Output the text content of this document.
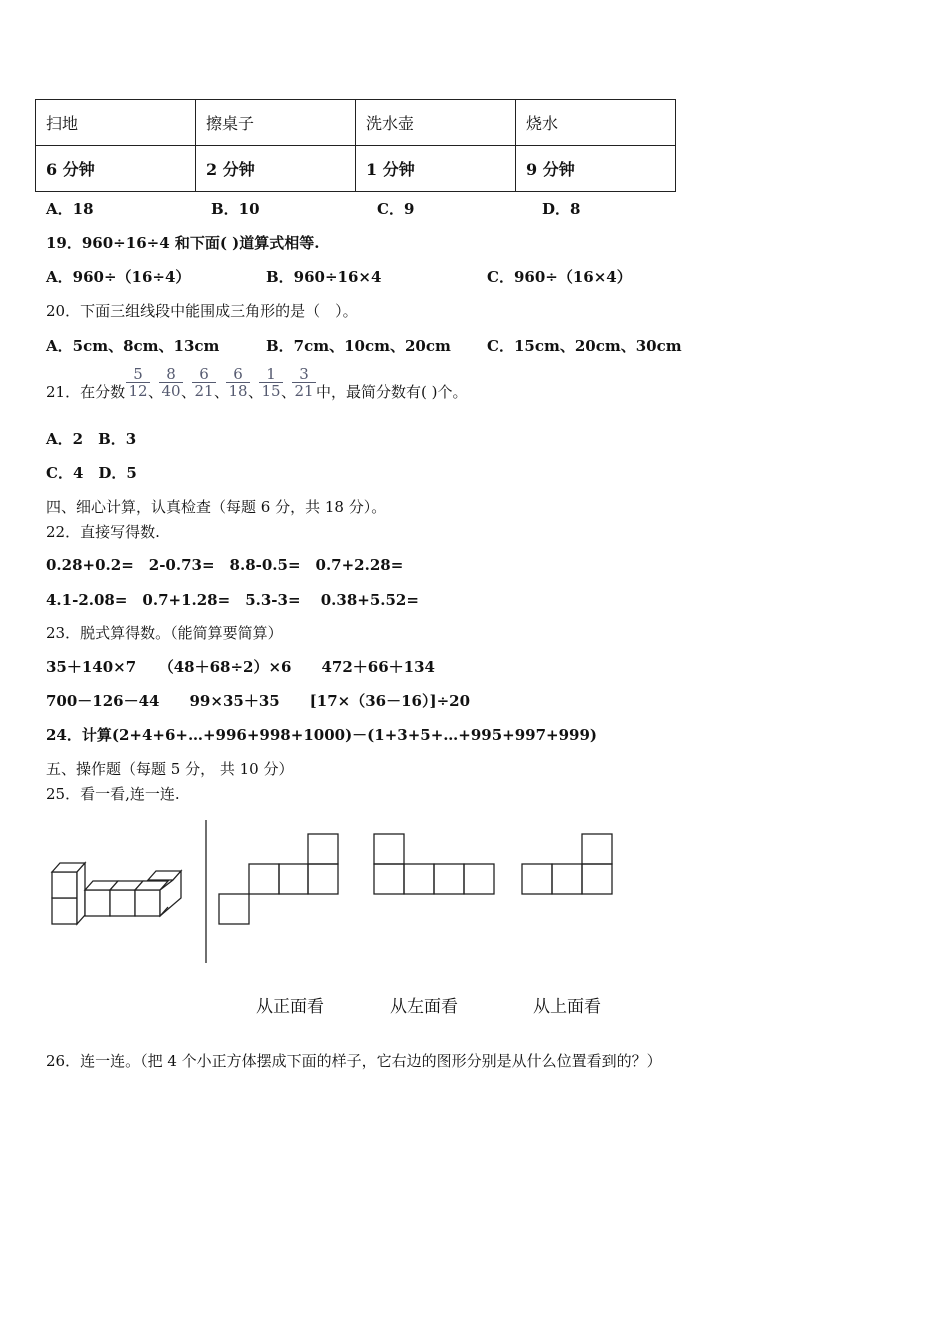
扫地	擦桌子	洗水壶	烧水
6 分钟	2 分钟	1 分钟	9 分钟
A．18	B．10	C．9	D．8
19．960÷16÷4 和下面( )道算式相等.
A．960÷（16÷4）	B．960÷16×4	C．960÷（16×4）
20．下面三组线段中能围成三角形的是（　）。
A．5cm、8cm、13cm	B．7cm、10cm、20cm C．15cm、20cm、30cm
21．在分数 $\frac{5}{12}$
、
$\frac{8}{40}$
、
$\frac{6}{21}$
、
$\frac{6}{18}$
、
$\frac{1}{15}$
、
$\frac{3}{21}$ 中，最简分数有( )个。
A．2　B．3
C．4　D．5
四、细心计算，认真检查（每题 6 分，共 18 分）。
22．直接写得数.
0.28+0.2=　2-0.73=　8.8-0.5=　0.7+2.28=
4.1-2.08=　0.7+1.28=　5.3-3=　 0.38+5.52=
23．脱式算得数。（能简算要简算）
35＋140×7　　（48＋68÷2）×6　　472＋66＋134
700－126－44　　99×35＋35　　[17×（36－16）]÷20
24．计算(2+4+6+…+996+998+1000)－(1+3+5+…+995+997+999)
五、操作题（每题 5 分， 共 10 分）
25．看一看,连一连.
从正面看	从左面看	从上面看
26．连一连。（把 4 个小正方体摆成下面的样子，它右边的图形分别是从什么位置看到的？）
